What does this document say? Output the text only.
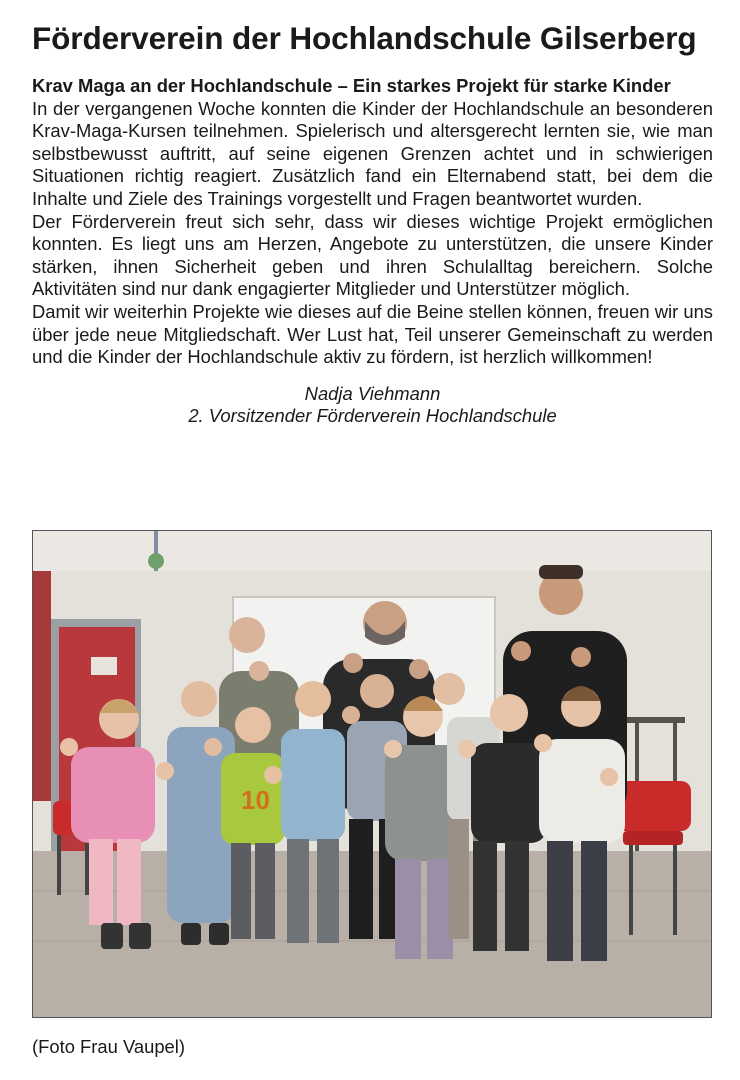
Förderverein der Hochlandschule Gilserberg

Krav Maga an der Hochlandschule – Ein starkes Projekt für starke Kinder

In der vergangenen Woche konnten die Kinder der Hochlandschule an besonderen Krav-Maga-Kursen teilnehmen. Spielerisch und altersgerecht lernten sie, wie man selbstbewusst auftritt, auf seine eigenen Grenzen achtet und in schwierigen Situationen richtig reagiert. Zusätzlich fand ein Elternabend statt, bei dem die Inhalte und Ziele des Trainings vorgestellt und Fragen beantwortet wurden.

Der Förderverein freut sich sehr, dass wir dieses wichtige Projekt ermöglichen konnten. Es liegt uns am Herzen, Angebote zu unterstützen, die unsere Kinder stärken, ihnen Sicherheit geben und ihren Schulalltag bereichern. Solche Aktivitäten sind nur dank engagierter Mitglieder und Unterstützer möglich.

Damit wir weiterhin Projekte wie dieses auf die Beine stellen können, freuen wir uns über jede neue Mitgliedschaft. Wer Lust hat, Teil unserer Gemeinschaft zu werden und die Kinder der Hochlandschule aktiv zu fördern, ist herzlich willkommen!

Nadja Viehmann
2. Vorsitzender Förderverein Hochlandschule

10

(Foto Frau Vaupel)
